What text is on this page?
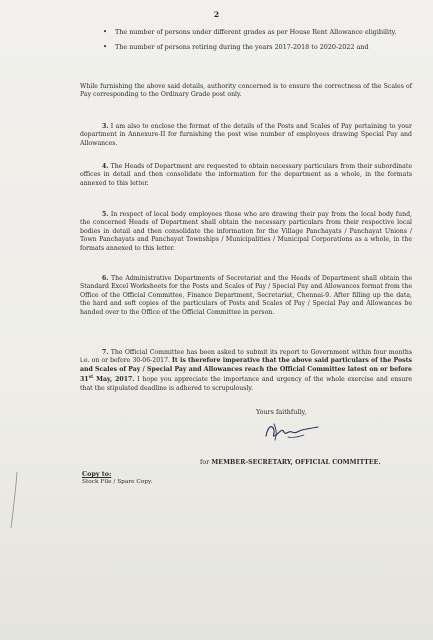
2
• The number of persons under different grades as per House Rent Allowance eligibility.
• The number of persons retiring during the years 2017-2018 to 2020-2022 and

While furnishing the above said details, authority concerned is to ensure the correctness of the Scales of Pay corresponding to the Ordinary Grade post only.

3. I am also to enclose the format of the details of the Posts and Scales of Pay pertaining to your department in Annexure-II for furnishing the post wise number of employees drawing Special Pay and Allowances.

4. The Heads of Department are requested to obtain necessary particulars from their subordinate offices in detail and then consolidate the information for the department as a whole, in the formats annexed to this letter.

5. In respect of local body employees those who are drawing their pay from the local body fund, the concerned Heads of Department shall obtain the necessary particulars from their respective local bodies in detail and then consolidate the information for the Village Panchayats / Panchayat Unions / Town Panchayats and Panchayat Townships / Municipalities / Municipal Corporations as a whole, in the formats annexed to this letter.

6. The Administrative Departments of Secretariat and the Heads of Department shall obtain the Standard Excel Worksheets for the Posts and Scales of Pay / Special Pay and Allowances format from the Office of the Official Committee, Finance Department, Secretariat, Chennai-9. After filling up the data, the hard and soft copies of the particulars of Posts and Scales of Pay / Special Pay and Allowances be handed over to the Office of the Official Committee in person.

7. The Official Committee has been asked to submit its report to Government within four months i.e. on or before 30-06-2017. It is therefore imperative that the above said particulars of the Posts and Scales of Pay / Special Pay and Allowances reach the Official Committee latest on or before 31st May, 2017. I hope you appreciate the importance and urgency of the whole exercise and ensure that the stipulated deadline is adhered to scrupulously.

Yours faithfully,
for MEMBER-SECRETARY, OFFICIAL COMMITTEE.
Copy to:
Stock File / Spare Copy.
